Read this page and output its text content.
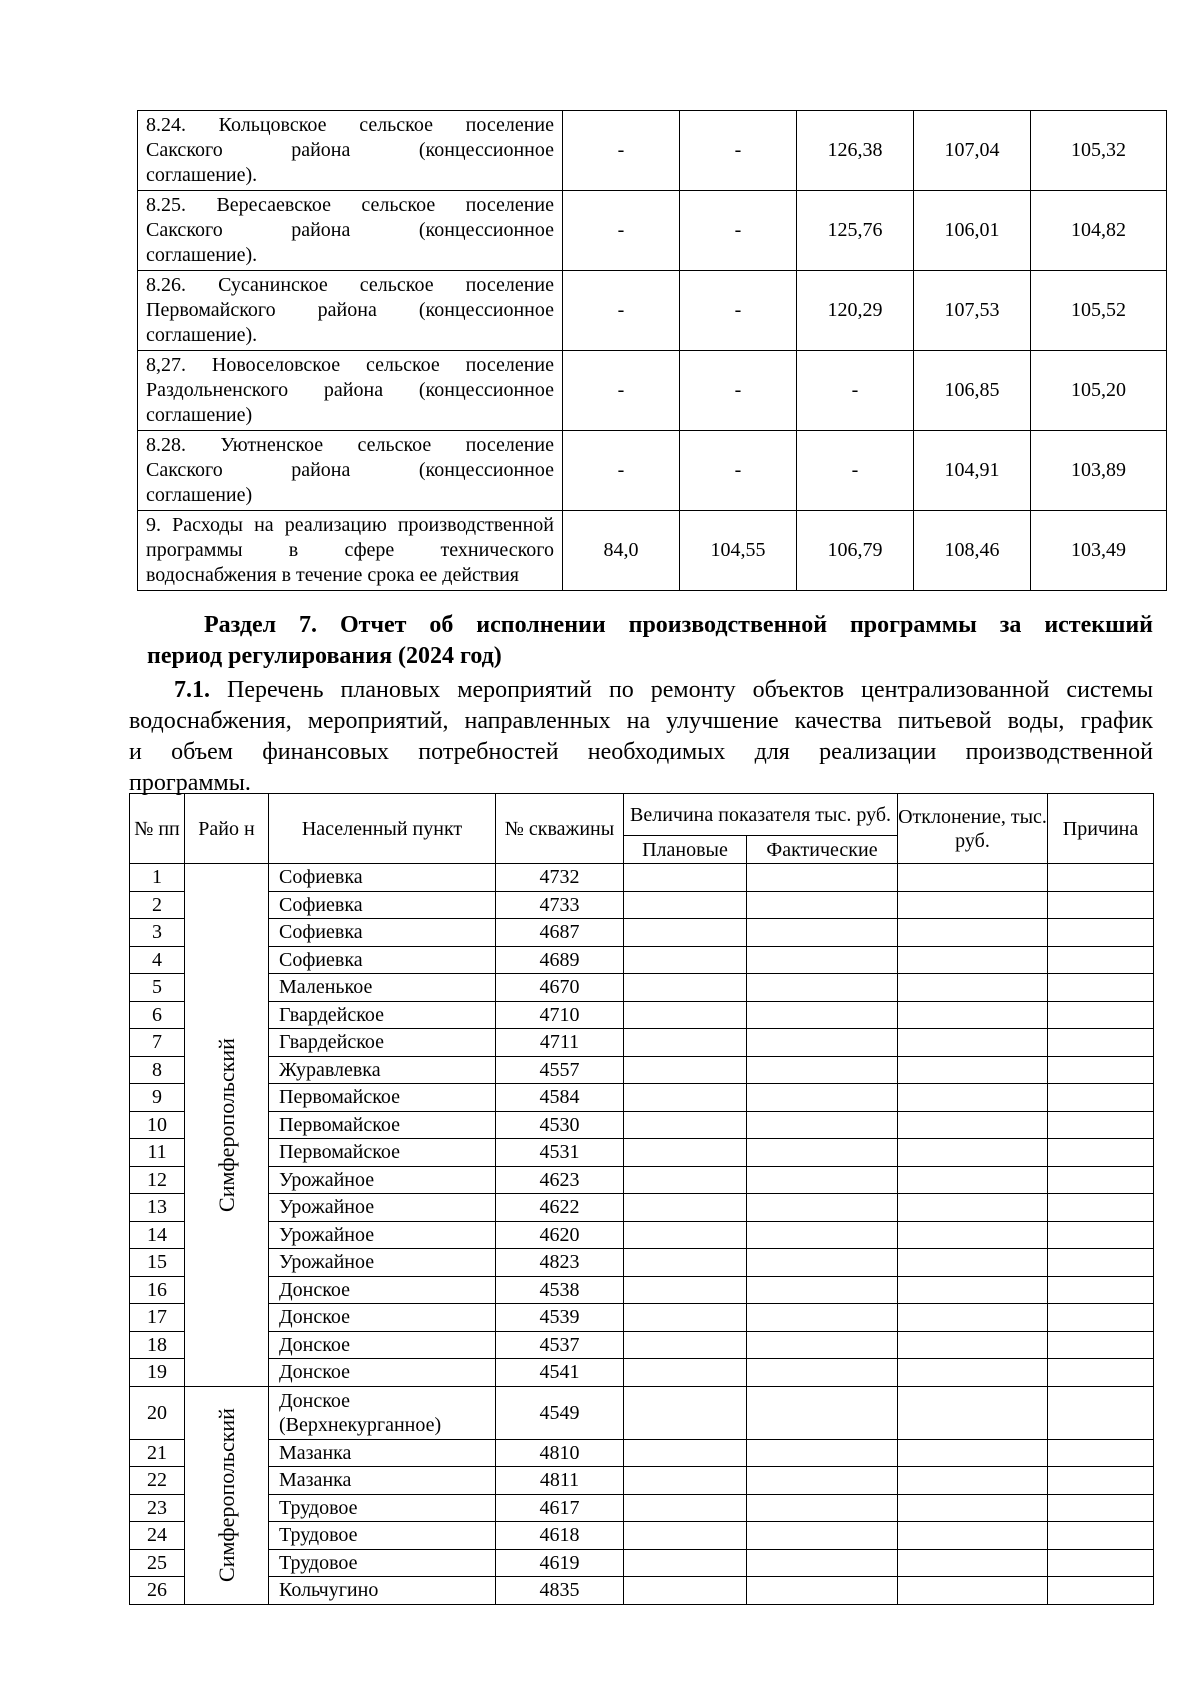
8.24. Кольцовское сельское поселение
Сакского района (концессионное
соглашение).	-	-	126,38	107,04	105,32

8.25. Вересаевское сельское поселение
Сакского района (концессионное
соглашение).	-	-	125,76	106,01	104,82

8.26. Сусанинское сельское поселение
Первомайского района (концессионное
соглашение).	-	-	120,29	107,53	105,52

8,27. Новоселовское сельское поселение
Раздольненского района (концессионное
соглашение)	-	-	-	106,85	105,20

8.28. Уютненское сельское поселение
Сакского района (концессионное
соглашение)	-	-	-	104,91	103,89

9. Расходы на реализацию производственной
программы в сфере технического
водоснабжения в течение срока ее действия	84,0	104,55	106,79	108,46	103,49
Раздел 7. Отчет об исполнении производственной программы за истекший
период регулирования (2024 год)
7.1. Перечень плановых мероприятий по ремонту объектов централизованной системы
водоснабжения, мероприятий, направленных на улучшение качества питьевой воды, график
и объем финансовых потребностей необходимых для реализации производственной
программы.
№ пп	Райо н	Населенный пункт	№ скважины	Величина показателя тыс. руб.		Отклонение, тыс. руб.	Причина
				Плановые	Фактические		
1	Симферопольский	Софиевка	4732				
2		Софиевка	4733				
3		Софиевка	4687				
4		Софиевка	4689				
5		Маленькое	4670				
6		Гвардейское	4710				
7		Гвардейское	4711				
8		Журавлевка	4557				
9		Первомайское	4584				
10		Первомайское	4530				
11		Первомайское	4531				
12		Урожайное	4623				
13		Урожайное	4622				
14		Урожайное	4620				
15		Урожайное	4823				
16		Донское	4538				
17		Донское	4539				
18		Донское	4537				
19		Донское	4541				
20	Симферопольский	Донское
(Верхнекурганное)	4549				
21		Мазанка	4810				
22		Мазанка	4811				
23		Трудовое	4617				
24		Трудовое	4618				
25		Трудовое	4619				
26		Кольчугино	4835				
